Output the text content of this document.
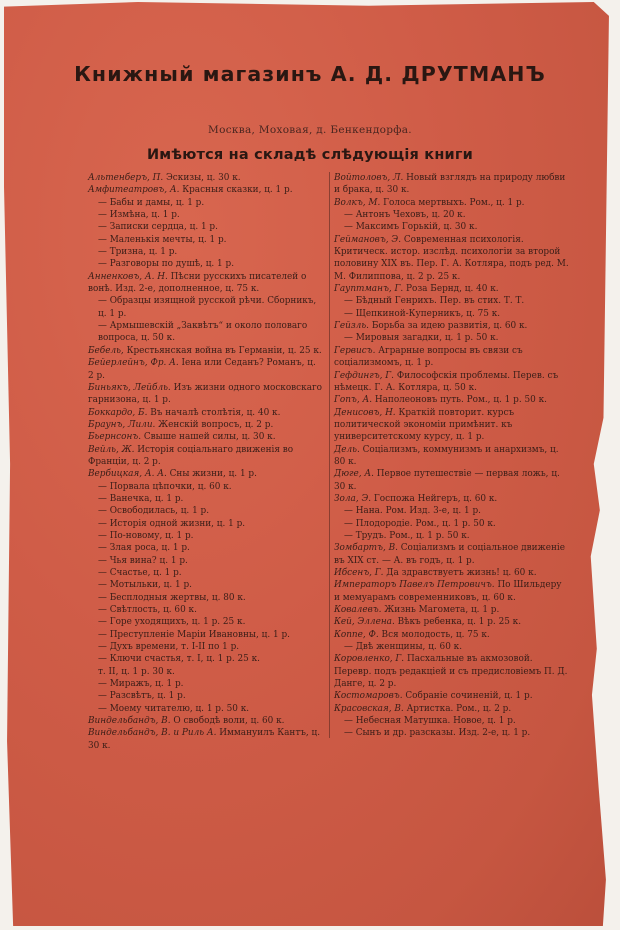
Книжный магазинъ А. Д. ДРУТМАНЪ
Москва, Моховая, д. Бенкендорфа.
Имѣются на складѣ слѣдующія книги
Альтенберъ, П. Эскизы, ц. 30 к.
Амфитеатровъ, А. Красныя сказки, ц. 1 р.
— Бабы и дамы, ц. 1 р.
— Измѣна, ц. 1 р.
— Записки сердца, ц. 1 р.
— Маленькія мечты, ц. 1 р.
— Тризна, ц. 1 р.
— Разговоры по душѣ, ц. 1 р.
Анненковъ, А. Н. Пѣсни русскихъ писателей о вонѣ. Изд. 2-е, дополненное, ц. 75 к.
— Образцы изящной русской рѣчи. Сборникъ, ц. 1 р.
— Армышевскій „Заквѣтъ“ и около половаго вопроса, ц. 50 к.
Бебель, Крестьянская война въ Германіи, ц. 25 к.
Бейерлейнъ, Фр. А. Іена или Седанъ? Романъ, ц. 2 р.
Биньякъ, Лейбль. Изъ жизни одного московскаго гарнизона, ц. 1 р.
Боккардо, Б. Въ началѣ столѣтія, ц. 40 к.
Браунъ, Лили. Женскій вопросъ, ц. 2 р.
Бьернсонъ. Свыше нашей силы, ц. 30 к.
Вейль, Ж. Исторія соціальнаго движенія во Франціи, ц. 2 р.
Вербицкая, А. А. Сны жизни, ц. 1 р.
— Порвала цѣпочки, ц. 60 к.
— Ванечка, ц. 1 р.
— Освободилась, ц. 1 р.
— Исторія одной жизни, ц. 1 р.
— По-новому, ц. 1 р.
— Злая роса, ц. 1 р.
— Чья вина? ц. 1 р.
— Счастье, ц. 1 р.
— Мотыльки, ц. 1 р.
— Бесплодныя жертвы, ц. 80 к.
— Свѣтлость, ц. 60 к.
— Горе уходящихъ, ц. 1 р. 25 к.
— Преступленіе Маріи Ивановны, ц. 1 р.
— Духъ времени, т. I-II по 1 р.
— Ключи счастья, т. I, ц. 1 р. 25 к.
т. II, ц. 1 р. 30 к.
— Миражъ, ц. 1 р.
— Разсвѣтъ, ц. 1 р.
— Моему читателю, ц. 1 р. 50 к.
Виндельбандъ, В. О свободѣ воли, ц. 60 к.
Виндельбандъ, В. и Риль А. Иммануилъ Кантъ, ц. 30 к.
Войтоловъ, Л. Новый взглядъ на природу любви и брака, ц. 30 к.
Волкъ, М. Голоса мертвыхъ. Ром., ц. 1 р.
— Антонъ Чеховъ, ц. 20 к.
— Максимъ Горькій, ц. 30 к.
Геймановъ, Э. Современная психологія. Критическ. истор. изслѣд. психологіи за второй половину XIX въ. Пер. Г. А. Котляра, подъ ред. М. М. Филиппова, ц. 2 р. 25 к.
Гауптманъ, Г. Роза Бернд, ц. 40 к.
— Бѣдный Генрихъ. Пер. въ стих. Т. Т.
— Щепкиной-Куперникъ, ц. 75 к.
Гейзль. Борьба за идею развитія, ц. 60 к.
— Мировыя загадки, ц. 1 р. 50 к.
Гервисъ. Аграрные вопросы въ связи съ соціализмомъ, ц. 1 р.
Гефдингъ, Г. Философскія проблемы. Перев. съ нѣмецк. Г. А. Котляра, ц. 50 к.
Гопъ, А. Наполеоновъ путь. Ром., ц. 1 р. 50 к.
Денисовъ, Н. Краткій повторит. курсъ политической экономіи примѣнит. къ университетскому курсу, ц. 1 р.
Дель. Соціализмъ, коммунизмъ и анархизмъ, ц. 80 к.
Дюге, А. Первое путешествіе — первая ложь, ц. 30 к.
Зола, Э. Госпожа Нейгеръ, ц. 60 к.
— Нана. Ром. Изд. 3-е, ц. 1 р.
— Плодородіе. Ром., ц. 1 р. 50 к.
— Трудъ. Ром., ц. 1 р. 50 к.
Зомбартъ, В. Соціализмъ и соціальное движеніе въ XIX ст. — А. въ годъ, ц. 1 р.
Ибсенъ, Г. Да здравствуетъ жизнь! ц. 60 к.
Императоръ Павелъ Петровичъ. По Шильдеру и мемуарамъ современниковъ, ц. 60 к.
Ковалевъ. Жизнь Магомета, ц. 1 р.
Кей, Эллена. Вѣкъ ребенка, ц. 1 р. 25 к.
Коппе, Ф. Вся молодость, ц. 75 к.
— Двѣ женщины, ц. 60 к.
Коровленко, Г. Пасхальные въ акмозовой. Перевр. подъ редакціей и съ предисловіемъ П. Д. Данге, ц. 2 р.
Костомаровъ. Собраніе сочиненій, ц. 1 р.
Красовская, В. Артистка. Ром., ц. 2 р.
— Небесная Матушка. Новое, ц. 1 р.
— Сынъ и др. разсказы. Изд. 2-е, ц. 1 р.
